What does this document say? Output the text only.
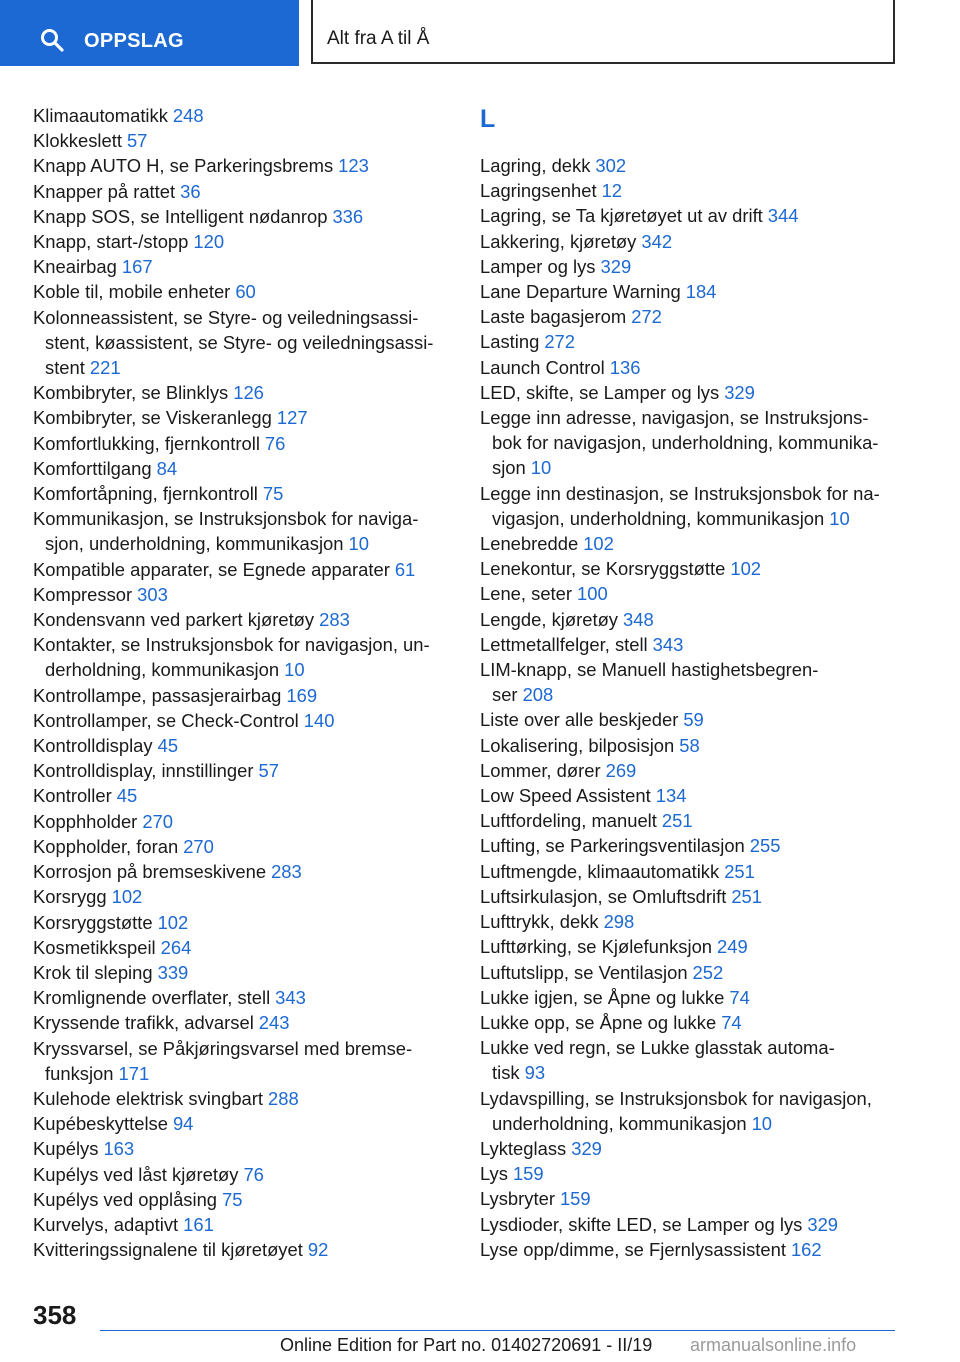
OPPSLAG	Alt fra A til Å

Klimaautomatikk 248

Klokkeslett 57

Knapp AUTO H, se Parkeringsbrems 123

Knapper på rattet 36

Knapp SOS, se Intelligent nødanrop 336

Knapp, start-/stopp 120

Kneairbag 167

Koble til, mobile enheter 60

Kolonneassistent, se Styre- og veiledningsassi-
stent, køassistent, se Styre- og veiledningsassi-
stent 221

Kombibryter, se Blinklys 126

Kombibryter, se Viskeranlegg 127

Komfortlukking, fjernkontroll 76

Komforttilgang 84

Komfortåpning, fjernkontroll 75

Kommunikasjon, se Instruksjonsbok for naviga-
sjon, underholdning, kommunikasjon 10

Kompatible apparater, se Egnede apparater 61

Kompressor 303

Kondensvann ved parkert kjøretøy 283

Kontakter, se Instruksjonsbok for navigasjon, un-
derholdning, kommunikasjon 10

Kontrollampe, passasjerairbag 169

Kontrollamper, se Check-Control 140

Kontrolldisplay 45

Kontrolldisplay, innstillinger 57

Kontroller 45

Kopphholder 270

Koppholder, foran 270

Korrosjon på bremseskivene 283

Korsrygg 102

Korsryggstøtte 102

Kosmetikkspeil 264

Krok til sleping 339

Kromlignende overflater, stell 343

Kryssende trafikk, advarsel 243

Kryssvarsel, se Påkjøringsvarsel med bremse-
funksjon 171

Kulehode elektrisk svingbart 288

Kupébeskyttelse 94

Kupélys 163

Kupélys ved låst kjøretøy 76

Kupélys ved opplåsing 75

Kurvelys, adaptivt 161

Kvitteringssignalene til kjøretøyet 92

L

Lagring, dekk 302

Lagringsenhet 12

Lagring, se Ta kjøretøyet ut av drift 344

Lakkering, kjøretøy 342

Lamper og lys 329

Lane Departure Warning 184

Laste bagasjerom 272

Lasting 272

Launch Control 136

LED, skifte, se Lamper og lys 329

Legge inn adresse, navigasjon, se Instruksjons-
bok for navigasjon, underholdning, kommunika-
sjon 10

Legge inn destinasjon, se Instruksjonsbok for na-
vigasjon, underholdning, kommunikasjon 10

Lenebredde 102

Lenekontur, se Korsryggstøtte 102

Lene, seter 100

Lengde, kjøretøy 348

Lettmetallfelger, stell 343

LIM-knapp, se Manuell hastighetsbegren-
ser 208

Liste over alle beskjeder 59

Lokalisering, bilposisjon 58

Lommer, dører 269

Low Speed Assistent 134

Luftfordeling, manuelt 251

Lufting, se Parkeringsventilasjon 255

Luftmengde, klimaautomatikk 251

Luftsirkulasjon, se Omluftsdrift 251

Lufttrykk, dekk 298

Lufttørking, se Kjølefunksjon 249

Luftutslipp, se Ventilasjon 252

Lukke igjen, se Åpne og lukke 74

Lukke opp, se Åpne og lukke 74

Lukke ved regn, se Lukke glasstak automa-
tisk 93

Lydavspilling, se Instruksjonsbok for navigasjon,
underholdning, kommunikasjon 10

Lykteglass 329

Lys 159

Lysbryter 159

Lysdioder, skifte LED, se Lamper og lys 329

Lyse opp/dimme, se Fjernlysassistent 162

358
Online Edition for Part no. 01402720691 - II/19 armanualsonline.info
